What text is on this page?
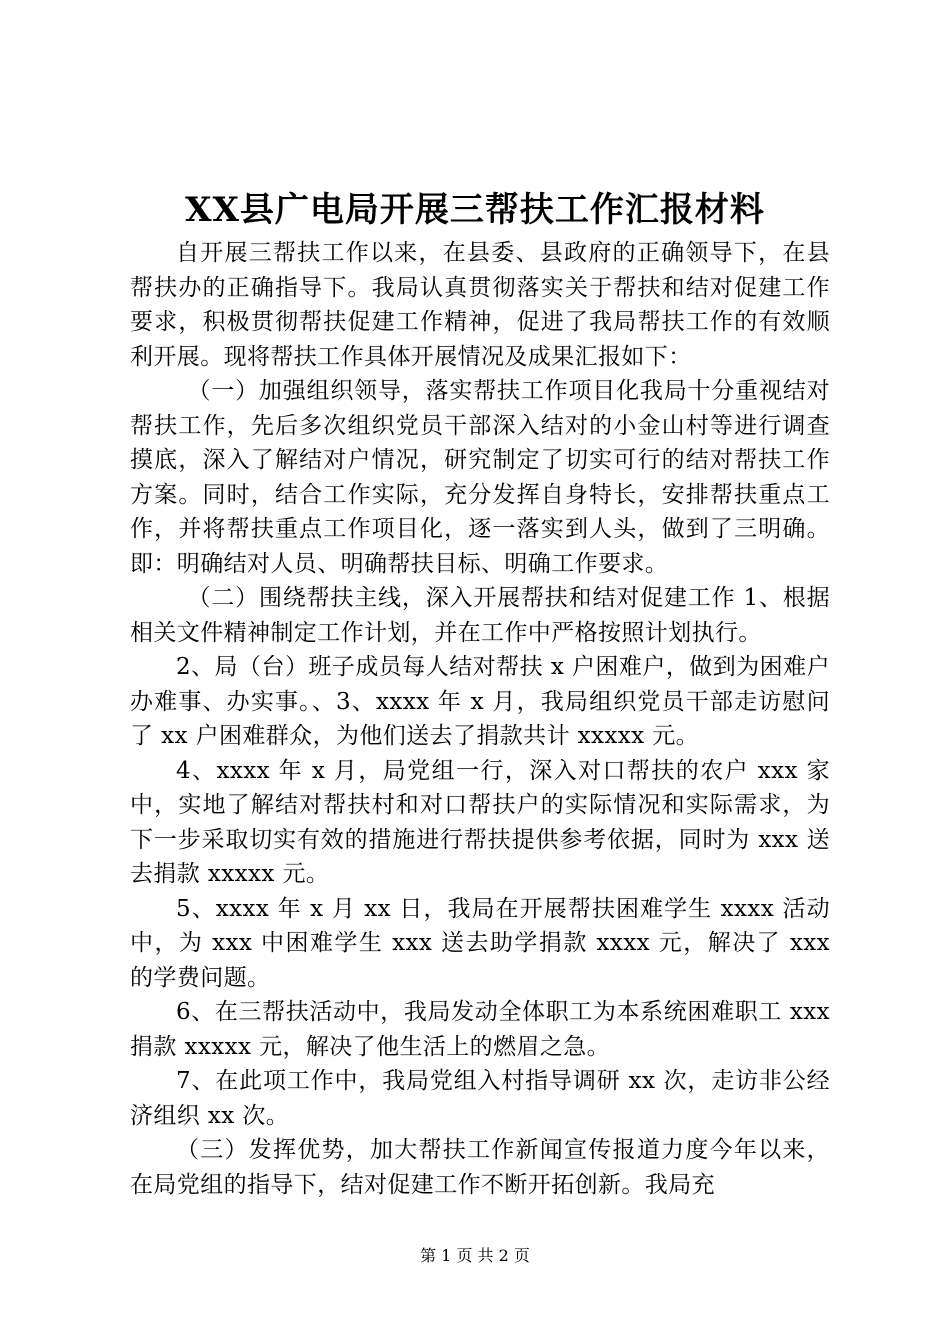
XX县广电局开展三帮扶工作汇报材料

自开展三帮扶工作以来，在县委、县政府的正确领导下，在县帮扶办的正确指导下。我局认真贯彻落实关于帮扶和结对促建工作要求，积极贯彻帮扶促建工作精神，促进了我局帮扶工作的有效顺利开展。现将帮扶工作具体开展情况及成果汇报如下：

（一）加强组织领导，落实帮扶工作项目化我局十分重视结对帮扶工作，先后多次组织党员干部深入结对的小金山村等进行调查摸底，深入了解结对户情况，研究制定了切实可行的结对帮扶工作方案。同时，结合工作实际，充分发挥自身特长，安排帮扶重点工作，并将帮扶重点工作项目化，逐一落实到人头，做到了三明确。即：明确结对人员、明确帮扶目标、明确工作要求。

（二）围绕帮扶主线，深入开展帮扶和结对促建工作 1、根据相关文件精神制定工作计划，并在工作中严格按照计划执行。

2、局（台）班子成员每人结对帮扶 x 户困难户，做到为困难户办难事、办实事。、3、xxxx 年 x 月，我局组织党员干部走访慰问了 xx 户困难群众，为他们送去了捐款共计 xxxxx 元。

4、xxxx 年 x 月，局党组一行，深入对口帮扶的农户 xxx 家中，实地了解结对帮扶村和对口帮扶户的实际情况和实际需求，为下一步采取切实有效的措施进行帮扶提供参考依据，同时为 xxx 送去捐款 xxxxx 元。

5、xxxx 年 x 月 xx 日，我局在开展帮扶困难学生 xxxx 活动中，为 xxx 中困难学生 xxx 送去助学捐款 xxxx 元，解决了 xxx 的学费问题。

6、在三帮扶活动中，我局发动全体职工为本系统困难职工 xxx 捐款 xxxxx 元，解决了他生活上的燃眉之急。

7、在此项工作中，我局党组入村指导调研 xx 次，走访非公经济组织 xx 次。

（三）发挥优势，加大帮扶工作新闻宣传报道力度今年以来，在局党组的指导下，结对促建工作不断开拓创新。我局充

第 1 页 共 2 页
